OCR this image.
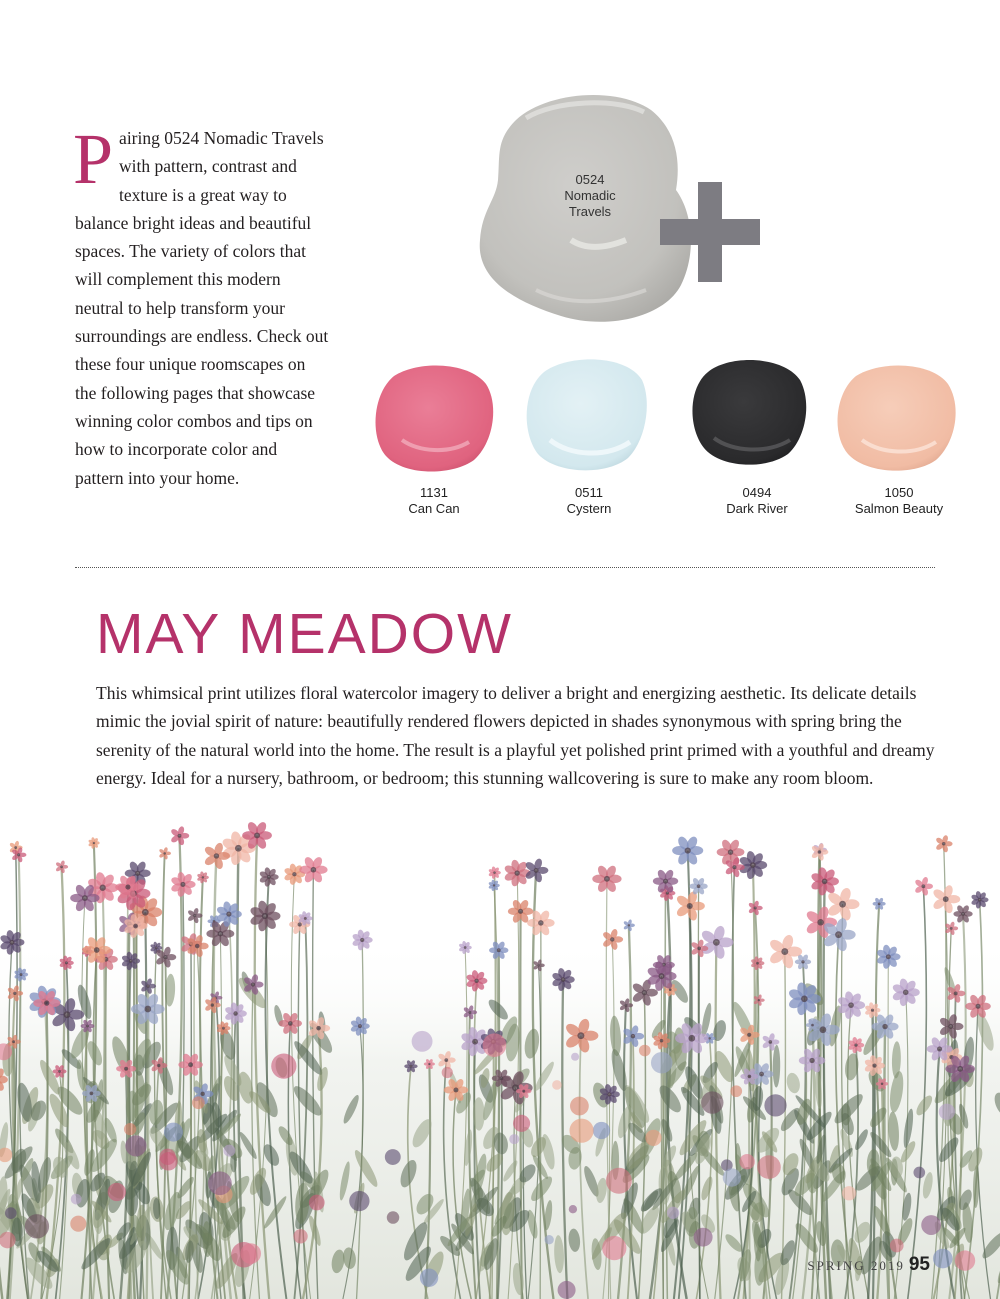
Pairing 0524 Nomadic Travels with pattern, contrast and texture is a great way to balance bright ideas and beautiful spaces. The variety of colors that will complement this modern neutral to help transform your surroundings are endless. Check out these four unique roomscapes on the following pages that showcase winning color combos and tips on how to incorporate color and pattern into your home.
0524
Nomadic
Travels
1131
Can Can
0511
Cystern
0494
Dark River
1050
Salmon Beauty
MAY MEADOW

This whimsical print utilizes floral watercolor imagery to deliver a bright and energizing aesthetic. Its delicate details mimic the jovial spirit of nature: beautifully rendered flowers depicted in shades synonymous with spring bring the serenity of the natural world into the home. The result is a playful yet polished print primed with a youthful and dreamy energy. Ideal for a nursery, bathroom, or bedroom; this stunning wallcovering is sure to make any room bloom.

SPRING 2019 95
